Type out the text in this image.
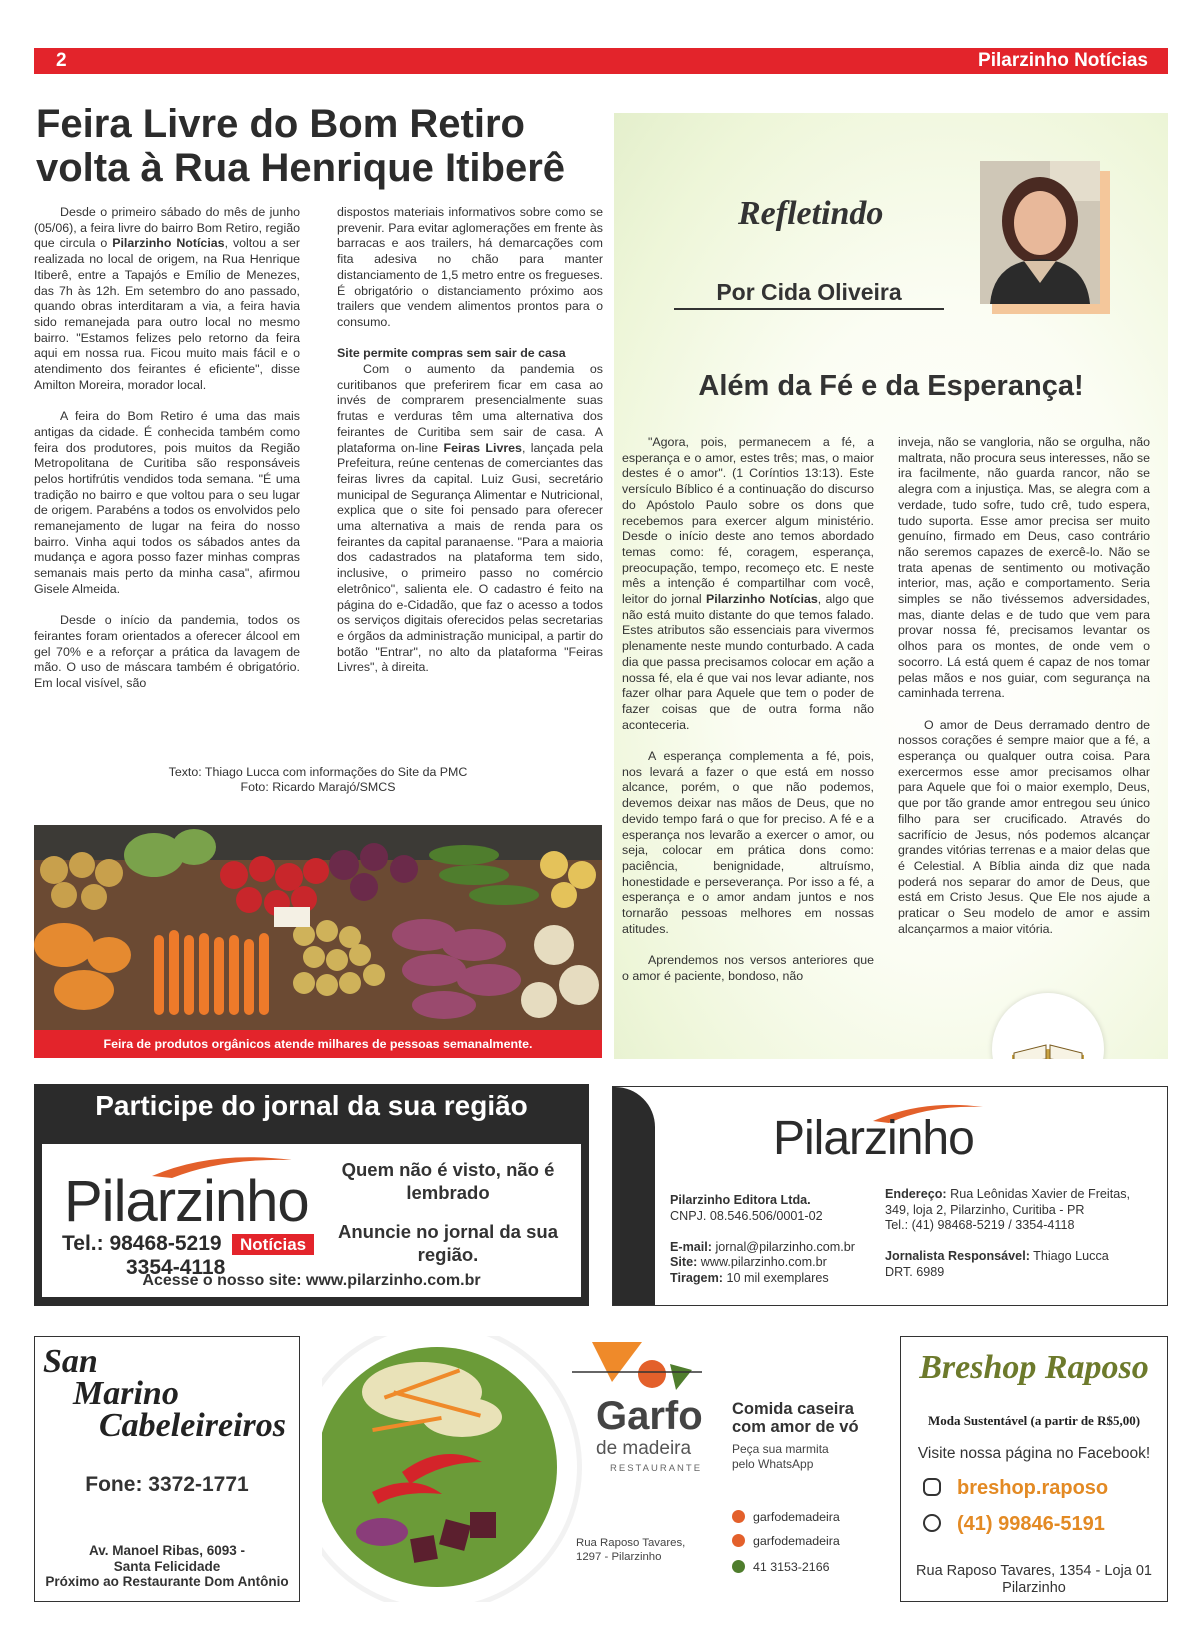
2	Pilarzinho Notícias
Feira Livre do Bom Retiro
volta à Rua Henrique Itiberê

Desde o primeiro sábado do mês de junho (05/06), a feira livre do bairro Bom Retiro, região que circula o Pilarzinho Notícias, voltou a ser realizada no local de origem, na Rua Henrique Itiberê, entre a Tapajós e Emílio de Menezes, das 7h às 12h. Em setembro do ano passado, quando obras interditaram a via, a feira havia sido remanejada para outro local no mesmo bairro. "Estamos felizes pelo retorno da feira aqui em nossa rua. Ficou muito mais fácil e o atendimento dos feirantes é eficiente", disse Amilton Moreira, morador local.

A feira do Bom Retiro é uma das mais antigas da cidade. É conhecida também como feira dos produtores, pois muitos da Região Metropolitana de Curitiba são responsáveis pelos hortifrútis vendidos toda semana. "É uma tradição no bairro e que voltou para o seu lugar de origem. Parabéns a todos os envolvidos pelo remanejamento de lugar na feira do nosso bairro. Vinha aqui todos os sábados antes da mudança e agora posso fazer minhas compras semanais mais perto da minha casa", afirmou Gisele Almeida.

Desde o início da pandemia, todos os feirantes foram orientados a oferecer álcool em gel 70% e a reforçar a prática da lavagem de mão. O uso de máscara também é obrigatório. Em local visível, são

dispostos materiais informativos sobre como se prevenir. Para evitar aglomerações em frente às barracas e aos trailers, há demarcações com fita adesiva no chão para manter distanciamento de 1,5 metro entre os fregueses. É obrigatório o distanciamento próximo aos trailers que vendem alimentos prontos para o consumo.

Site permite compras sem sair de casa

Com o aumento da pandemia os curitibanos que preferirem ficar em casa ao invés de comprarem presencialmente suas frutas e verduras têm uma alternativa dos feirantes de Curitiba sem sair de casa. A plataforma on-line Feiras Livres, lançada pela Prefeitura, reúne centenas de comerciantes das feiras livres da capital. Luiz Gusi, secretário municipal de Segurança Alimentar e Nutricional, explica que o site foi pensado para oferecer uma alternativa a mais de renda para os feirantes da capital paranaense. "Para a maioria dos cadastrados na plataforma tem sido, inclusive, o primeiro passo no comércio eletrônico", salienta ele. O cadastro é feito na página do e-Cidadão, que faz o acesso a todos os serviços digitais oferecidos pelas secretarias e órgãos da administração municipal, a partir do botão "Entrar", no alto da plataforma "Feiras Livres", à direita.

Texto: Thiago Lucca com informações do Site da PMC
Foto: Ricardo Marajó/SMCS
Feira de produtos orgânicos atende milhares de pessoas semanalmente.
Refletindo
Por Cida Oliveira
Além da Fé e da Esperança!

"Agora, pois, permanecem a fé, a esperança e o amor, estes três; mas, o maior destes é o amor". (1 Coríntios 13:13). Este versículo Bíblico é a continuação do discurso do Apóstolo Paulo sobre os dons que recebemos para exercer algum ministério. Desde o início deste ano temos abordado temas como: fé, coragem, esperança, preocupação, tempo, recomeço etc. E neste mês a intenção é compartilhar com você, leitor do jornal Pilarzinho Notícias, algo que não está muito distante do que temos falado. Estes atributos são essenciais para vivermos plenamente neste mundo conturbado. A cada dia que passa precisamos colocar em ação a nossa fé, ela é que vai nos levar adiante, nos fazer olhar para Aquele que tem o poder de fazer coisas que de outra forma não aconteceria.

A esperança complementa a fé, pois, nos levará a fazer o que está em nosso alcance, porém, o que não podemos, devemos deixar nas mãos de Deus, que no devido tempo fará o que for preciso. A fé e a esperança nos levarão a exercer o amor, ou seja, colocar em prática dons como: paciência, benignidade, altruísmo, honestidade e perseverança. Por isso a fé, a esperança e o amor andam juntos e nos tornarão pessoas melhores em nossas atitudes.

Aprendemos nos versos anteriores que o amor é paciente, bondoso, não

inveja, não se vangloria, não se orgulha, não maltrata, não procura seus interesses, não se ira facilmente, não guarda rancor, não se alegra com a injustiça. Mas, se alegra com a verdade, tudo sofre, tudo crê, tudo espera, tudo suporta. Esse amor precisa ser muito genuíno, firmado em Deus, caso contrário não seremos capazes de exercê-lo. Não se trata apenas de sentimento ou motivação interior, mas, ação e comportamento. Seria simples se não tivéssemos adversidades, mas, diante delas e de tudo que vem para provar nossa fé, precisamos levantar os olhos para os montes, de onde vem o socorro. Lá está quem é capaz de nos tomar pelas mãos e nos guiar, com segurança na caminhada terrena.

O amor de Deus derramado dentro de nossos corações é sempre maior que a fé, a esperança ou qualquer outra coisa. Para exercermos esse amor precisamos olhar para Aquele que foi o maior exemplo, Deus, que por tão grande amor entregou seu único filho para ser crucificado. Através do sacrifício de Jesus, nós podemos alcançar grandes vitórias terrenas e a maior delas que é Celestial. A Bíblia ainda diz que nada poderá nos separar do amor de Deus, que está em Cristo Jesus. Que Ele nos ajude a praticar o Seu modelo de amor e assim alcançarmos a maior vitória.

Participe do jornal da sua região
Pilarzinho
Tel.: 98468-5219	Notícias
3354-4118
Quem não é visto, não é lembrado
Anuncie no jornal da sua região.
Acesse o nosso site: www.pilarzinho.com.br
Pilarzinho
Pilarzinho Editora Ltda.
CNPJ. 08.546.506/0001-02
E-mail: jornal@pilarzinho.com.br
Site: www.pilarzinho.com.br
Tiragem: 10 mil exemplares
Endereço: Rua Leônidas Xavier de Freitas, 349, loja 2, Pilarzinho, Curitiba - PR
Tel.: (41) 98468-5219 / 3354-4118
Jornalista Responsável: Thiago Lucca
DRT. 6989
San
Marino
Cabeleireiros
Fone: 3372-1771
Av. Manoel Ribas, 6093 -
Santa Felicidade
Próximo ao Restaurante Dom Antônio
Garfo
de madeira
RESTAURANTE
Comida caseira
com amor de vó
Peça sua marmita
pelo WhatsApp
Rua Raposo Tavares,
1297 - Pilarzinho
garfodemadeira
garfodemadeira
41 3153-2166
Breshop Raposo
Moda Sustentável (a partir de R$5,00)
Visite nossa página no Facebook!
breshop.raposo
(41) 99846-5191
Rua Raposo Tavares, 1354 - Loja 01
Pilarzinho
